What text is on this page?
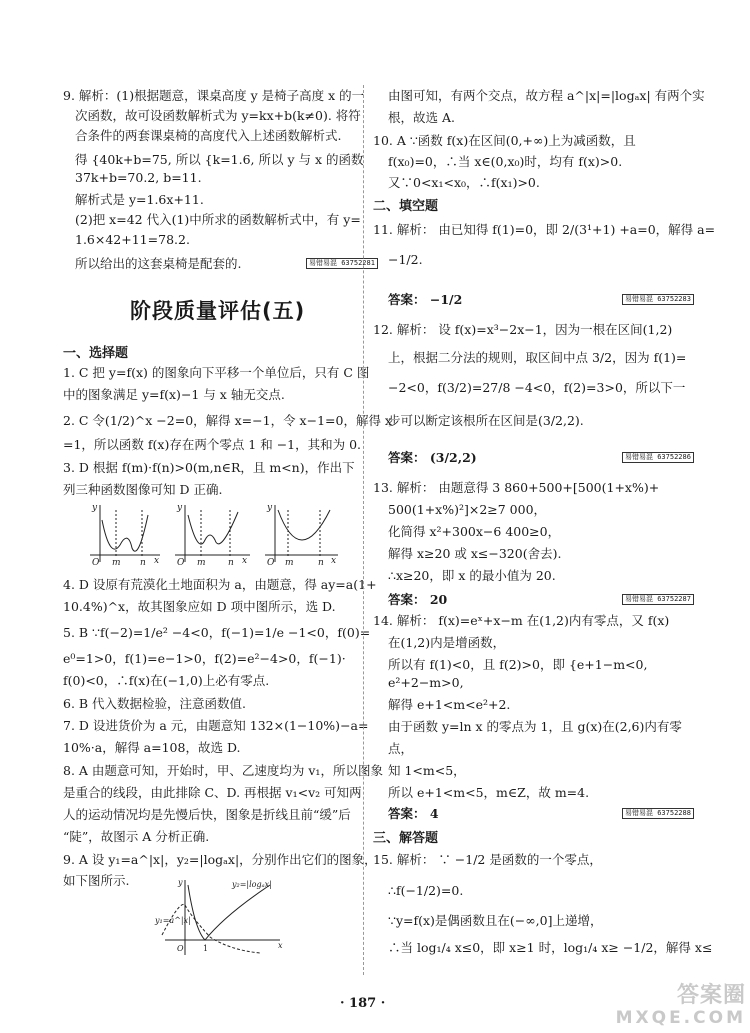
9. 解析：(1)根据题意，课桌高度 y 是椅子高度 x 的一
次函数，故可设函数解析式为 y=kx+b(k≠0). 将符
合条件的两套课桌椅的高度代入上述函数解析式.
得 {40k+b=75, 所以 {k=1.6, 所以 y 与 x 的函数
37k+b=70.2, b=11.
解析式是 y=1.6x+11.
(2)把 x=42 代入(1)中所求的函数解析式中，有 y=
1.6×42+11=78.2.
所以给出的这套桌椅是配套的.	易错易混 63752281
阶段质量评估(五)
一、选择题
1. C 把 y=f(x) 的图象向下平移一个单位后，只有 C 图
中的图象满足 y=f(x)−1 与 x 轴无交点.
2. C 令(1/2)^x −2=0，解得 x=−1，令 x−1=0，解得 x
=1，所以函数 f(x)存在两个零点 1 和 −1，其和为 0.
3. D 根据 f(m)·f(n)>0(m,n∈R，且 m<n)，作出下
列三种函数图像可知 D 正确.
y
O m n x
y
O m n x
y
O m	n x
4. D 设原有荒漠化土地面积为 a，由题意，得 ay=a(1+
10.4%)^x，故其图象应如 D 项中图所示，选 D.
5. B ∵f(−2)=1/e² −4<0，f(−1)=1/e −1<0，f(0)=
e⁰=1>0，f(1)=e−1>0，f(2)=e²−4>0，f(−1)·
f(0)<0，∴f(x)在(−1,0)上必有零点.
6. B 代入数据检验，注意函数值.
7. D 设进货价为 a 元，由题意知 132×(1−10%)−a=
10%·a，解得 a=108，故选 D.
8. A 由题意可知，开始时，甲、乙速度均为 v₁，所以图象
是重合的线段，由此排除 C、D. 再根据 v₁<v₂ 可知两
人的运动情况均是先慢后快，图象是折线且前“缓”后
“陡”，故图示 A 分析正确.
9. A 设 y₁=a^|x|，y₂=|logₐx|，分别作出它们的图象，
如下图所示.	y₂=|logₐx|
y₁=a^|x|
y
O 1	x
由图可知，有两个交点，故方程 a^|x|=|logₐx| 有两个实
根，故选 A.
10. A ∵函数 f(x)在区间(0,+∞)上为减函数，且
f(x₀)=0，∴当 x∈(0,x₀)时，均有 f(x)>0.
又∵0<x₁<x₀，∴f(x₁)>0.
二、填空题
11. 解析： 由已知得 f(1)=0，即 2/(3¹+1) +a=0，解得 a=
−1/2.
答案： −1/2	易错易混 63752283
12. 解析： 设 f(x)=x³−2x−1，因为一根在区间(1,2)
上，根据二分法的规则，取区间中点 3/2，因为 f(1)=
−2<0，f(3/2)=27/8 −4<0，f(2)=3>0，所以下一
步可以断定该根所在区间是(3/2,2).
答案： (3/2,2)	易错易混 63752286
13. 解析： 由题意得 3 860+500+[500(1+x%)+
500(1+x%)²]×2≥7 000，
化简得 x²+300x−6 400≥0，
解得 x≥20 或 x≤−320(舍去).
∴x≥20，即 x 的最小值为 20.
答案： 20	易错易混 63752287
14. 解析： f(x)=eˣ+x−m 在(1,2)内有零点，又 f(x)
在(1,2)内是增函数，
所以有 f(1)<0，且 f(2)>0，即 {e+1−m<0,
e²+2−m>0,
解得 e+1<m<e²+2.
由于函数 y=ln x 的零点为 1，且 g(x)在(2,6)内有零
点，
知 1<m<5，
所以 e+1<m<5，m∈Z，故 m=4.
答案： 4	易错易混 63752288
三、解答题
15. 解析： ∵ −1/2 是函数的一个零点，
∴f(−1/2)=0.
∵y=f(x)是偶函数且在(−∞,0]上递增，
∴当 log₁/₄ x≤0，即 x≥1 时，log₁/₄ x≥ −1/2，解得 x≤
· 187 ·	答案圈
MXQE.COM
